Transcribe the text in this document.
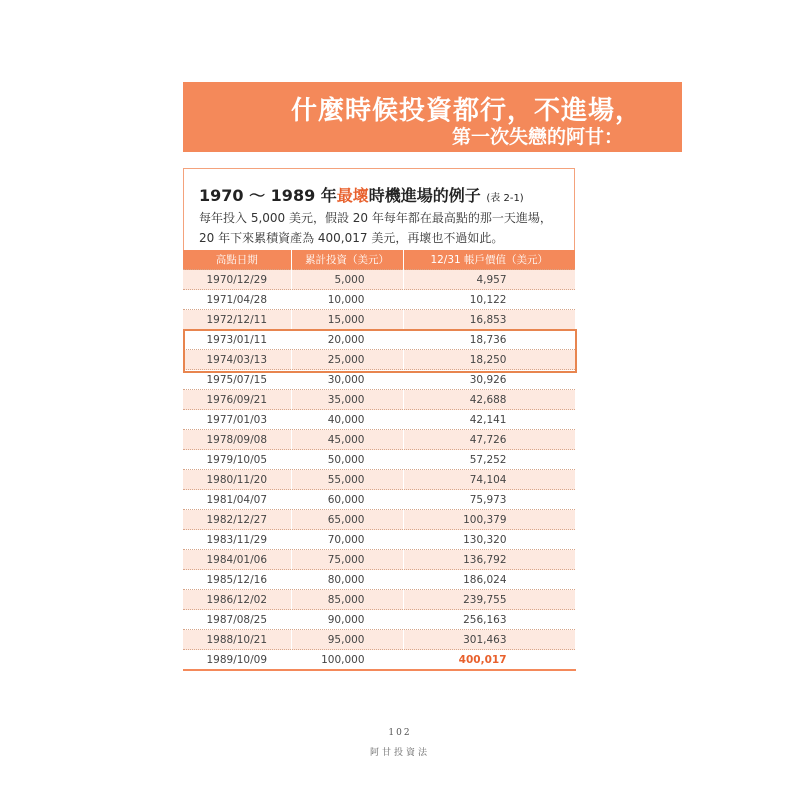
什麼時候投資都行，不進場，
第一次失戀的阿甘：
1970 ～ 1989 年最壞時機進場的例子 (表 2-1)
每年投入 5,000 美元，假設 20 年每年都在最高點的那一天進場，20 年下來累積資產為 400,017 美元，再壞也不過如此。
高點日期	累計投資（美元）	12/31 帳戶價值（美元）
1970/12/29	5,000	4,957
1971/04/28	10,000	10,122
1972/12/11	15,000	16,853
1973/01/11	20,000	18,736
1974/03/13	25,000	18,250
1975/07/15	30,000	30,926
1976/09/21	35,000	42,688
1977/01/03	40,000	42,141
1978/09/08	45,000	47,726
1979/10/05	50,000	57,252
1980/11/20	55,000	74,104
1981/04/07	60,000	75,973
1982/12/27	65,000	100,379
1983/11/29	70,000	130,320
1984/01/06	75,000	136,792
1985/12/16	80,000	186,024
1986/12/02	85,000	239,755
1987/08/25	90,000	256,163
1988/10/21	95,000	301,463
1989/10/09	100,000	400,017
102
阿甘投資法
